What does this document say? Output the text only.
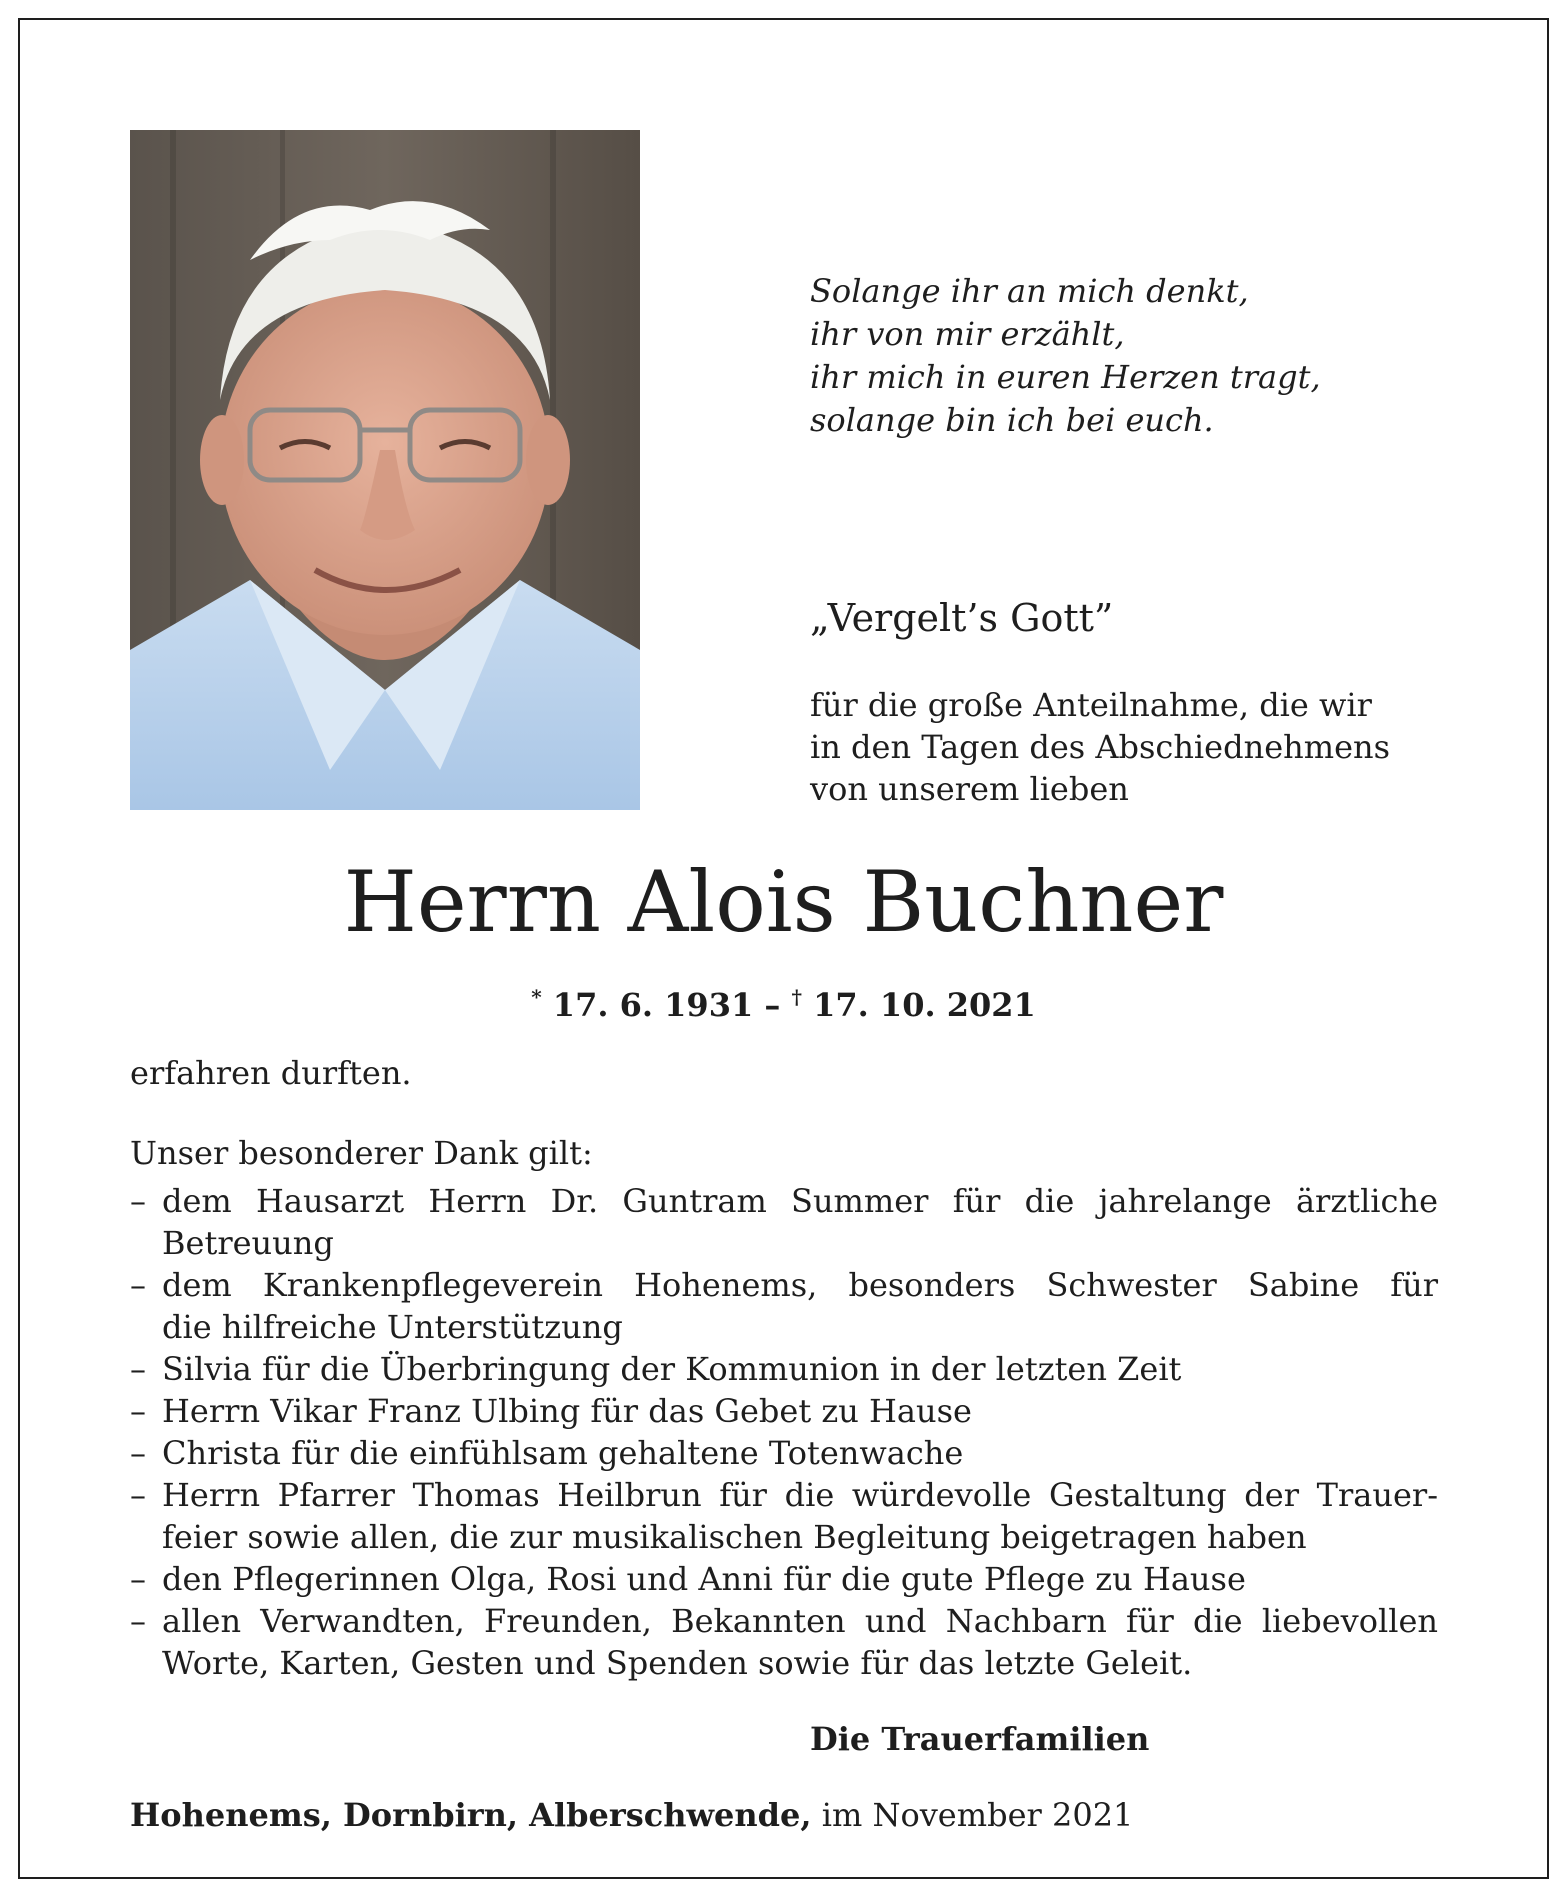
Solange ihr an mich denkt,
ihr von mir erzählt,
ihr mich in euren Herzen tragt,
solange bin ich bei euch.
„Vergelt’s Gott”
für die große Anteilnahme, die wir
in den Tagen des Abschiednehmens
von unserem lieben
Herrn Alois Buchner
* 17. 6. 1931 – † 17. 10. 2021
erfahren durften.
Unser besonderer Dank gilt:
– dem Hausarzt Herrn Dr. Guntram Summer für die jahrelange ärztliche
Betreuung
– dem Krankenpflegeverein Hohenems, besonders Schwester Sabine für
die hilfreiche Unterstützung
– Silvia für die Überbringung der Kommunion in der letzten Zeit
– Herrn Vikar Franz Ulbing für das Gebet zu Hause
– Christa für die einfühlsam gehaltene Totenwache
– Herrn Pfarrer Thomas Heilbrun für die würdevolle Gestaltung der Trauer-
feier sowie allen, die zur musikalischen Begleitung beigetragen haben
– den Pflegerinnen Olga, Rosi und Anni für die gute Pflege zu Hause
– allen Verwandten, Freunden, Bekannten und Nachbarn für die liebevollen
Worte, Karten, Gesten und Spenden sowie für das letzte Geleit.
Die Trauerfamilien
Hohenems, Dornbirn, Alberschwende, im November 2021
